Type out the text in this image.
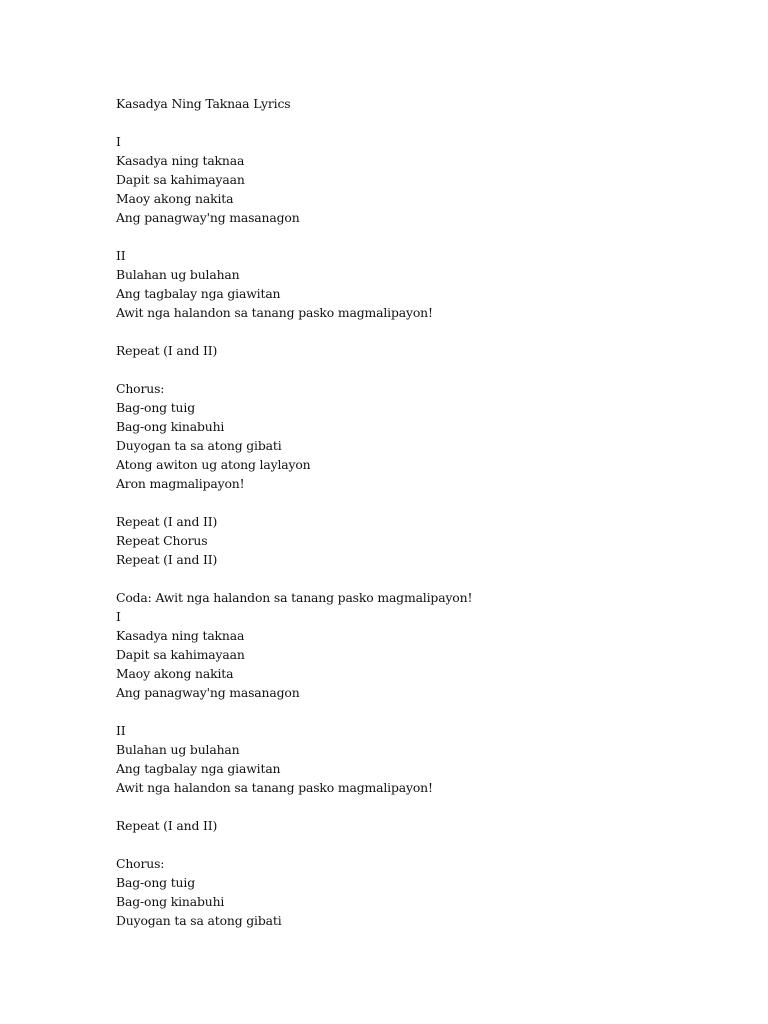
Kasadya Ning Taknaa Lyrics
I
Kasadya ning taknaa
Dapit sa kahimayaan
Maoy akong nakita
Ang panagway'ng masanagon
II
Bulahan ug bulahan
Ang tagbalay nga giawitan
Awit nga halandon sa tanang pasko magmalipayon!
Repeat (I and II)
Chorus:
Bag-ong tuig
Bag-ong kinabuhi
Duyogan ta sa atong gibati
Atong awiton ug atong laylayon
Aron magmalipayon!
Repeat (I and II)
Repeat Chorus
Repeat (I and II)
Coda: Awit nga halandon sa tanang pasko magmalipayon!
I
Kasadya ning taknaa
Dapit sa kahimayaan
Maoy akong nakita
Ang panagway'ng masanagon
II
Bulahan ug bulahan
Ang tagbalay nga giawitan
Awit nga halandon sa tanang pasko magmalipayon!
Repeat (I and II)
Chorus:
Bag-ong tuig
Bag-ong kinabuhi
Duyogan ta sa atong gibati
